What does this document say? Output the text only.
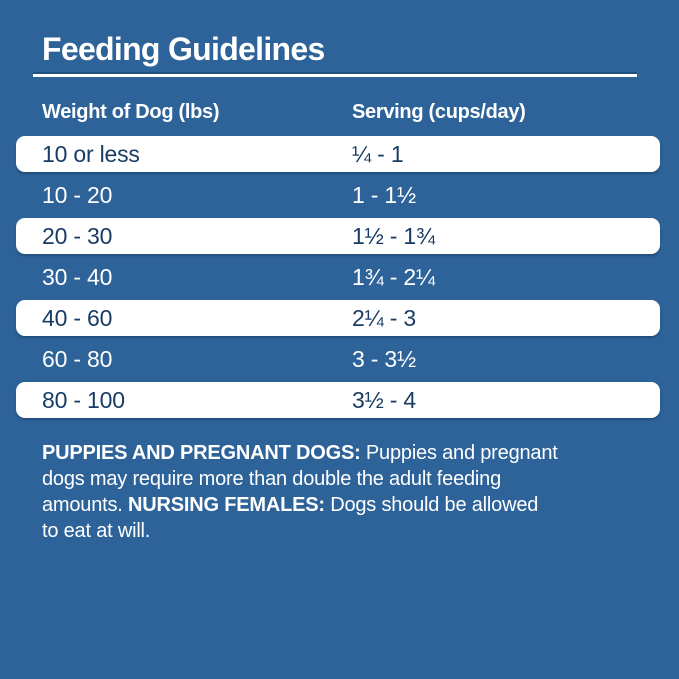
Feeding Guidelines

Weight of Dog (lbs)	Serving (cups/day)

10 or less	¼ - 1
10 - 20	1 - 1½
20 - 30	1½ - 1¾
30 - 40	1¾ - 2¼
40 - 60	2¼ - 3
60 - 80	3 - 3½
80 - 100	3½ - 4

PUPPIES AND PREGNANT DOGS: Puppies and pregnant
dogs may require more than double the adult feeding
amounts. NURSING FEMALES: Dogs should be allowed
to eat at will.
